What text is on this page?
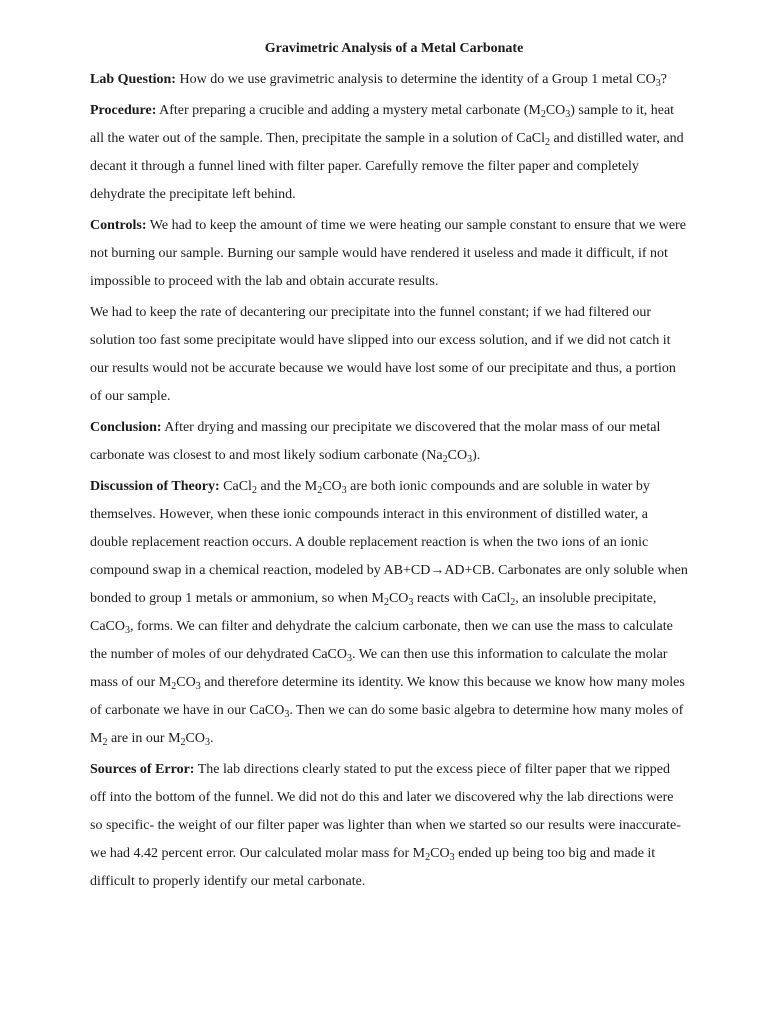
Gravimetric Analysis of a Metal Carbonate

Lab Question: How do we use gravimetric analysis to determine the identity of a Group 1 metal $CO_3$?

Procedure: After preparing a crucible and adding a mystery metal carbonate $(M_2CO_3)$ sample to it, heat all the water out of the sample. Then, precipitate the sample in a solution of CaCl$_2$ and distilled water, and decant it through a funnel lined with filter paper. Carefully remove the filter paper and completely dehydrate the precipitate left behind.

Controls: We had to keep the amount of time we were heating our sample constant to ensure that we were not burning our sample. Burning our sample would have rendered it useless and made it difficult, if not impossible to proceed with the lab and obtain accurate results.

We had to keep the rate of decantering our precipitate into the funnel constant; if we had filtered our solution too fast some precipitate would have slipped into our excess solution, and if we did not catch it our results would not be accurate because we would have lost some of our precipitate and thus, a portion of our sample.

Conclusion: After drying and massing our precipitate we discovered that the molar mass of our metal carbonate was closest to and most likely sodium carbonate $(Na_2CO_3)$.

Discussion of Theory: CaCl$_2$ and the $M_2CO_3$ are both ionic compounds and are soluble in water by themselves. However, when these ionic compounds interact in this environment of distilled water, a double replacement reaction occurs. A double replacement reaction is when the two ions of an ionic compound swap in a chemical reaction, modeled by AB+CD→AD+CB. Carbonates are only soluble when bonded to group 1 metals or ammonium, so when $M_2CO_3$ reacts with CaCl$_2$, an insoluble precipitate, CaCO$_3$, forms. We can filter and dehydrate the calcium carbonate, then we can use the mass to calculate the number of moles of our dehydrated CaCO$_3$. We can then use this information to calculate the molar mass of our $M_2CO_3$ and therefore determine its identity. We know this because we know how many moles of carbonate we have in our CaCO$_3$. Then we can do some basic algebra to determine how many moles of $M_2$ are in our $M_2CO_3$.

Sources of Error: The lab directions clearly stated to put the excess piece of filter paper that we ripped off into the bottom of the funnel. We did not do this and later we discovered why the lab directions were so specific- the weight of our filter paper was lighter than when we started so our results were inaccurate- we had 4.42 percent error. Our calculated molar mass for $M_2CO_3$ ended up being too big and made it difficult to properly identify our metal carbonate.
